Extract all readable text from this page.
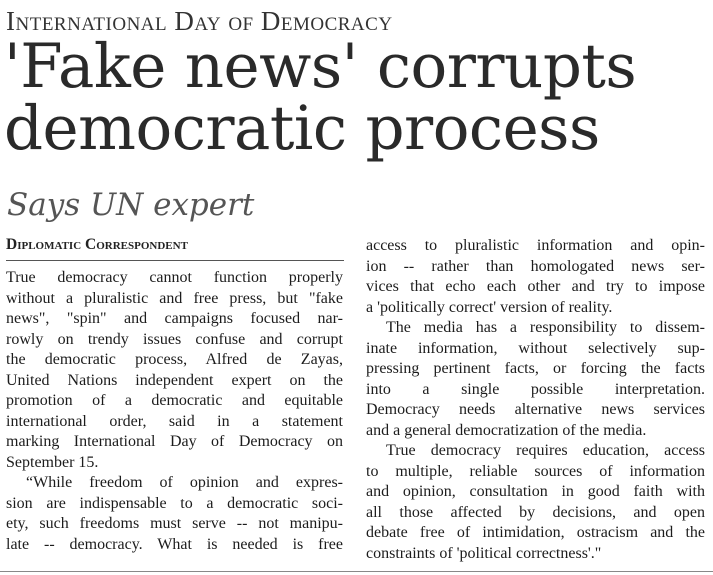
International Day of Democracy
'Fake news' corrupts
democratic process
Says UN expert
Diplomatic Correspondent
True democracy cannot function properly
without a pluralistic and free press, but "fake
news", "spin" and campaigns focused nar-
rowly on trendy issues confuse and corrupt
the democratic process, Alfred de Zayas,
United Nations independent expert on the
promotion of a democratic and equitable
international order, said in a statement
marking International Day of Democracy on
September 15.
“While freedom of opinion and expres-
sion are indispensable to a democratic soci-
ety, such freedoms must serve -- not manipu-
late -- democracy. What is needed is free
access to pluralistic information and opin-
ion -- rather than homologated news ser-
vices that echo each other and try to impose
a 'politically correct' version of reality.
The media has a responsibility to dissem-
inate information, without selectively sup-
pressing pertinent facts, or forcing the facts
into a single possible interpretation.
Democracy needs alternative news services
and a general democratization of the media.
True democracy requires education, access
to multiple, reliable sources of information
and opinion, consultation in good faith with
all those affected by decisions, and open
debate free of intimidation, ostracism and the
constraints of 'political correctness'."
